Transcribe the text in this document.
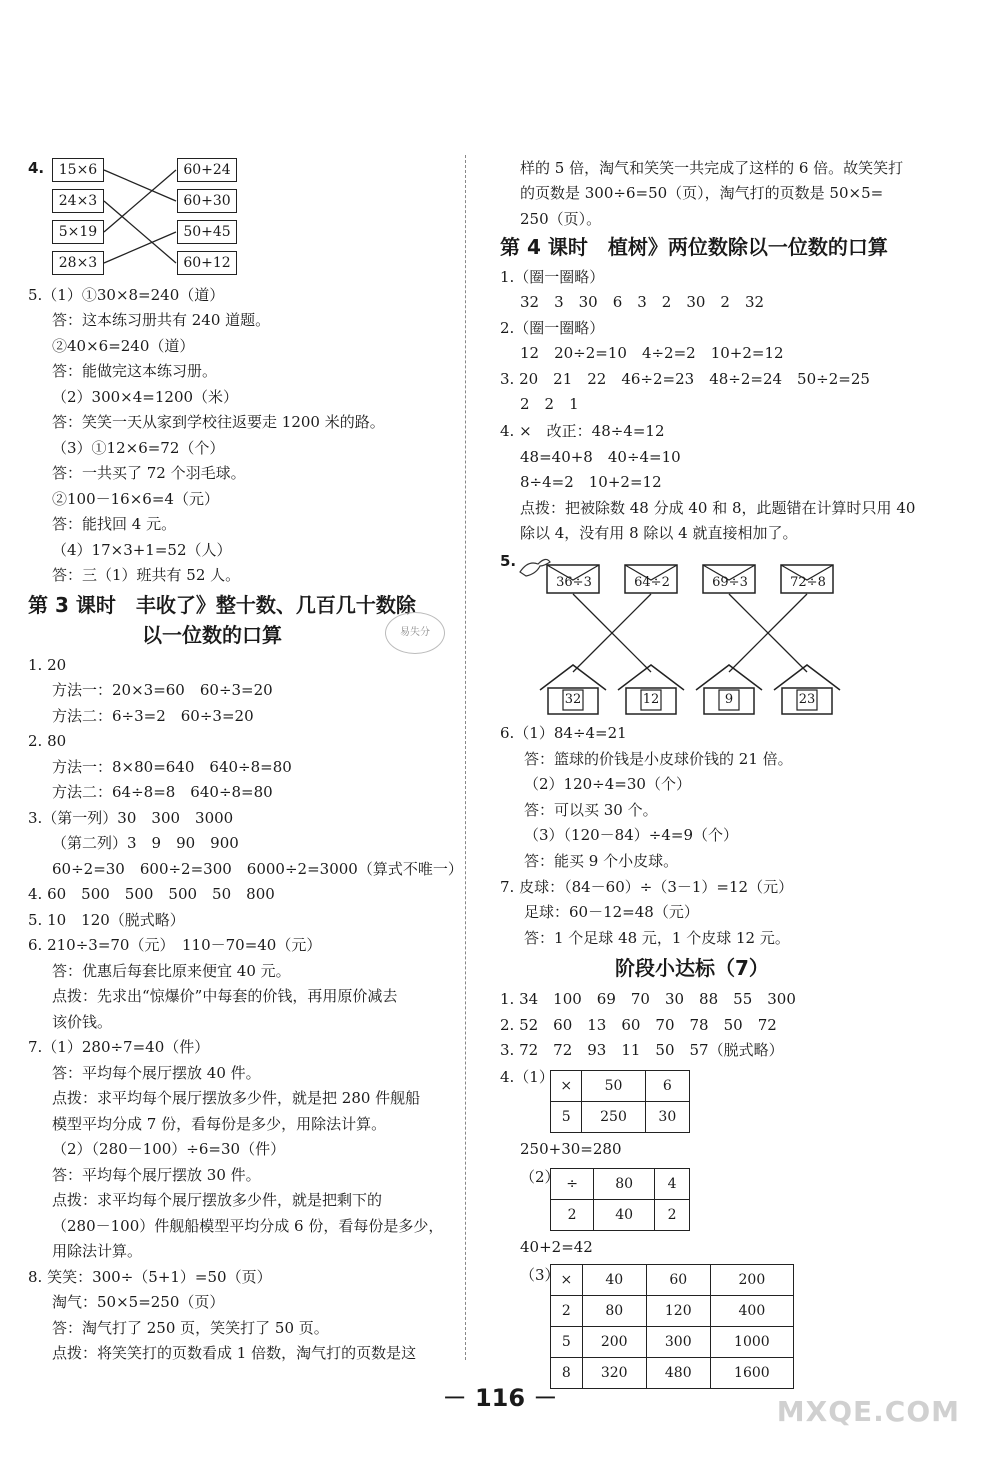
4.	15×6
24×3
5×19
28×3
60+24
60+30
50+45
60+12
5.（1）①30×8=240（道）
答：这本练习册共有 240 道题。
②40×6=240（道）
答：能做完这本练习册。
（2）300×4=1200（米）
答：笑笑一天从家到学校往返要走 1200 米的路。
（3）①12×6=72（个）
答：一共买了 72 个羽毛球。
②100－16×6=4（元）
答：能找回 4 元。
（4）17×3+1=52（人）
答：三（1）班共有 52 人。
第 3 课时　丰收了》整十数、几百几十数除
以一位数的口算	易失分
1. 20
方法一：20×3=60　60÷3=20
方法二：6÷3=2　60÷3=20
2. 80
方法一：8×80=640　640÷8=80
方法二：64÷8=8　640÷8=80
3.（第一列）30　300　3000
（第二列）3　9　90　900
60÷2=30　600÷2=300　6000÷2=3000（算式不唯一）
4. 60　500　500　500　50　800
5. 10　120（脱式略）
6. 210÷3=70（元）　110－70=40（元）
答：优惠后每套比原来便宜 40 元。
点拨：先求出“惊爆价”中每套的价钱，再用原价减去
该价钱。
7.（1）280÷7=40（件）
答：平均每个展厅摆放 40 件。
点拨：求平均每个展厅摆放多少件，就是把 280 件舰船
模型平均分成 7 份，看每份是多少，用除法计算。
（2）（280－100）÷6=30（件）
答：平均每个展厅摆放 30 件。
点拨：求平均每个展厅摆放多少件，就是把剩下的
（280－100）件舰船模型平均分成 6 份，看每份是多少，
用除法计算。
8. 笑笑：300÷（5+1）=50（页）
淘气：50×5=250（页）
答：淘气打了 250 页，笑笑打了 50 页。
点拨：将笑笑打的页数看成 1 倍数，淘气打的页数是这
样的 5 倍，淘气和笑笑一共完成了这样的 6 倍。故笑笑打
的页数是 300÷6=50（页），淘气打的页数是 50×5=
250（页）。
第 4 课时　植树》两位数除以一位数的口算
1.（圈一圈略）
32　3　30　6　3　2　30　2　32
2.（圈一圈略）
12　20÷2=10　4÷2=2　10+2=12
3. 20　21　22　46÷2=23　48÷2=24　50÷2=25
2　2　1
4. ×　改正：48÷4=12
48=40+8　40÷4=10
8÷4=2　10+2=12
点拨：把被除数 48 分成 40 和 8，此题错在计算时只用 40
除以 4，没有用 8 除以 4 就直接相加了。
5.
36÷3	64÷2	69÷3	72÷8
32	12	9	23
6.（1）84÷4=21
答：篮球的价钱是小皮球价钱的 21 倍。
（2）120÷4=30（个）
答：可以买 30 个。
（3）（120－84）÷4=9（个）
答：能买 9 个小皮球。
7. 皮球：（84－60）÷（3－1）=12（元）
足球：60－12=48（元）
答：1 个足球 48 元，1 个皮球 12 元。
阶段小达标（7）
1. 34　100　69　70　30　88　55　300
2. 52　60　13　60　70　78　50　72
3. 72　72　93　11　50　57（脱式略）
4.（1） ×	50	6
5	250	30
250+30=280
（2） ÷	80	4
2	40	2
40+2=42
（3） ×	40	60	200
2	80	120	400
5	200	300	1000
8	320	480	1600
－ 116 －	MXQE.COM
